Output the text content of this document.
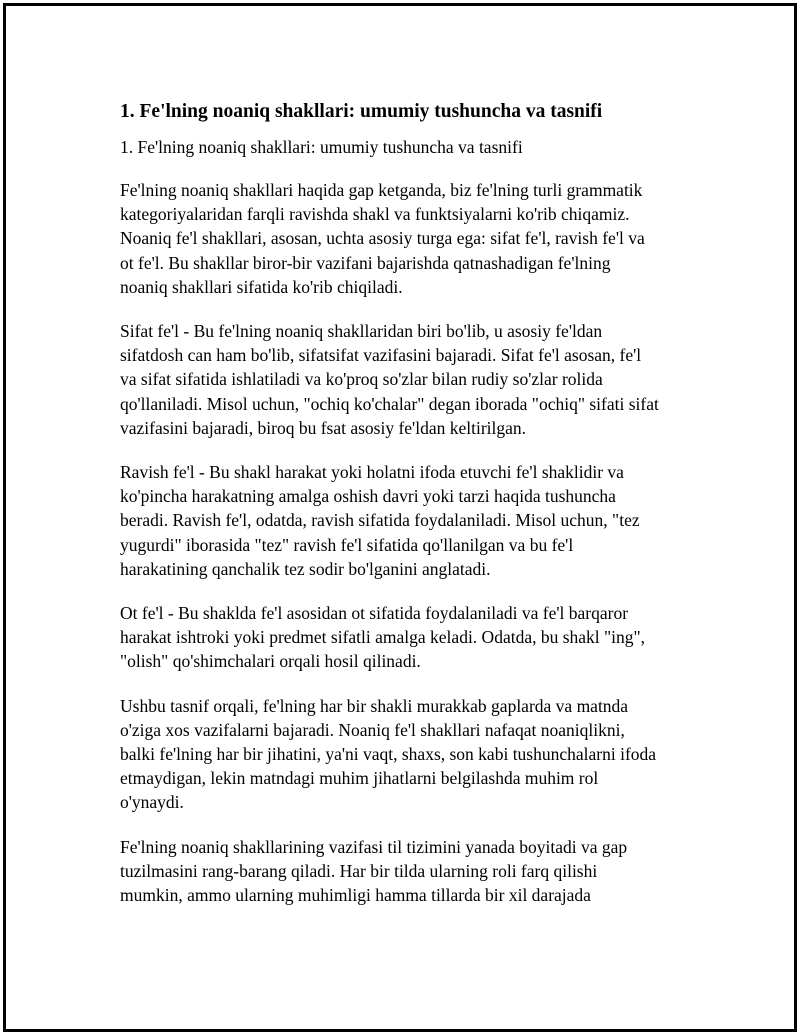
1. Fe'lning noaniq shakllari: umumiy tushuncha va tasnifi
1. Fe'lning noaniq shakllari: umumiy tushuncha va tasnifi
Fe'lning noaniq shakllari haqida gap ketganda, biz fe'lning turli grammatik
kategoriyalaridan farqli ravishda shakl va funktsiyalarni ko'rib chiqamiz.
Noaniq fe'l shakllari, asosan, uchta asosiy turga ega: sifat fe'l, ravish fe'l va
ot fe'l. Bu shakllar biror-bir vazifani bajarishda qatnashadigan fe'lning
noaniq shakllari sifatida ko'rib chiqiladi.
Sifat fe'l - Bu fe'lning noaniq shakllaridan biri bo'lib, u asosiy fe'ldan
sifatdosh can ham bo'lib, sifatsifat vazifasini bajaradi. Sifat fe'l asosan, fe'l
va sifat sifatida ishlatiladi va ko'proq so'zlar bilan rudiy so'zlar rolida
qo'llaniladi. Misol uchun, "ochiq ko'chalar" degan iborada "ochiq" sifati sifat
vazifasini bajaradi, biroq bu fsat asosiy fe'ldan keltirilgan.
Ravish fe'l - Bu shakl harakat yoki holatni ifoda etuvchi fe'l shaklidir va
ko'pincha harakatning amalga oshish davri yoki tarzi haqida tushuncha
beradi. Ravish fe'l, odatda, ravish sifatida foydalaniladi. Misol uchun, "tez
yugurdi" iborasida "tez" ravish fe'l sifatida qo'llanilgan va bu fe'l
harakatining qanchalik tez sodir bo'lganini anglatadi.
Ot fe'l - Bu shaklda fe'l asosidan ot sifatida foydalaniladi va fe'l barqaror
harakat ishtroki yoki predmet sifatli amalga keladi. Odatda, bu shakl "ing",
"olish" qo'shimchalari orqali hosil qilinadi.
Ushbu tasnif orqali, fe'lning har bir shakli murakkab gaplarda va matnda
o'ziga xos vazifalarni bajaradi. Noaniq fe'l shakllari nafaqat noaniqlikni,
balki fe'lning har bir jihatini, ya'ni vaqt, shaxs, son kabi tushunchalarni ifoda
etmaydigan, lekin matndagi muhim jihatlarni belgilashda muhim rol
o'ynaydi.
Fe'lning noaniq shakllarining vazifasi til tizimini yanada boyitadi va gap
tuzilmasini rang-barang qiladi. Har bir tilda ularning roli farq qilishi
mumkin, ammo ularning muhimligi hamma tillarda bir xil darajada
